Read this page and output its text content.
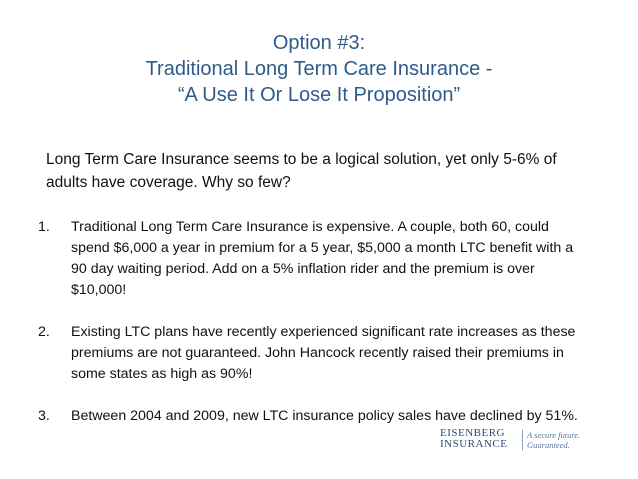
Option #3:
Traditional Long Term Care Insurance -
“A Use It Or Lose It Proposition”
Long Term Care Insurance seems to be a logical solution, yet only 5-6% of
adults have coverage. Why so few?
1. Traditional Long Term Care Insurance is expensive. A couple, both 60, could
spend $6,000 a year in premium for a 5 year, $5,000 a month LTC benefit with a
90 day waiting period. Add on a 5% inflation rider and the premium is over
$10,000!
2. Existing LTC plans have recently experienced significant rate increases as these
premiums are not guaranteed. John Hancock recently raised their premiums in
some states as high as 90%!
3. Between 2004 and 2009, new LTC insurance policy sales have declined by 51%.
EISENBERG
INSURANCE
A secure future.
Guaranteed.
